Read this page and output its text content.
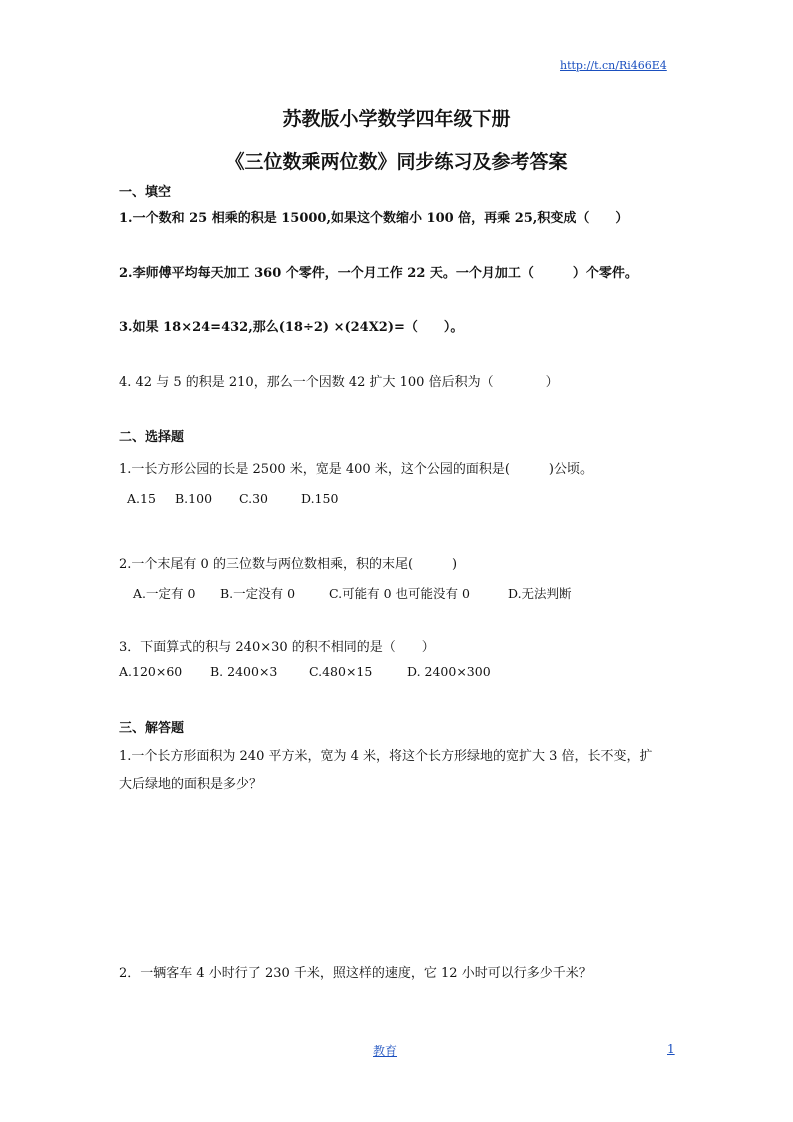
http://t.cn/Ri466E4
苏教版小学数学四年级下册
《三位数乘两位数》同步练习及参考答案
一、填空
1.一个数和 25 相乘的积是 15000,如果这个数缩小 100 倍，再乘 25,积变成（　　）
2.李师傅平均每天加工 360 个零件，一个月工作 22 天。一个月加工（　　　）个零件。
3.如果 18×24=432,那么(18÷2) ×(24X2)=（　　）。
4. 42 与 5 的积是 210，那么一个因数 42 扩大 100 倍后积为（　　　　）
二、选择题
1.一长方形公园的长是 2500 米，宽是 400 米，这个公园的面积是(　　　)公顷。
A.15 B.100 C.30	D.150
2.一个末尾有 0 的三位数与两位数相乘，积的末尾(　　　)
A.一定有 0 B.一定没有 0	C.可能有 0 也可能没有 0	D.无法判断
3．下面算式的积与 240×30 的积不相同的是（　　）
A.120×60 B. 2400×3	C.480×15	D. 2400×300
三、解答题
1.一个长方形面积为 240 平方米，宽为 4 米，将这个长方形绿地的宽扩大 3 倍，长不变，扩
大后绿地的面积是多少？
2．一辆客车 4 小时行了 230 千米，照这样的速度，它 12 小时可以行多少千米？
教育	1
